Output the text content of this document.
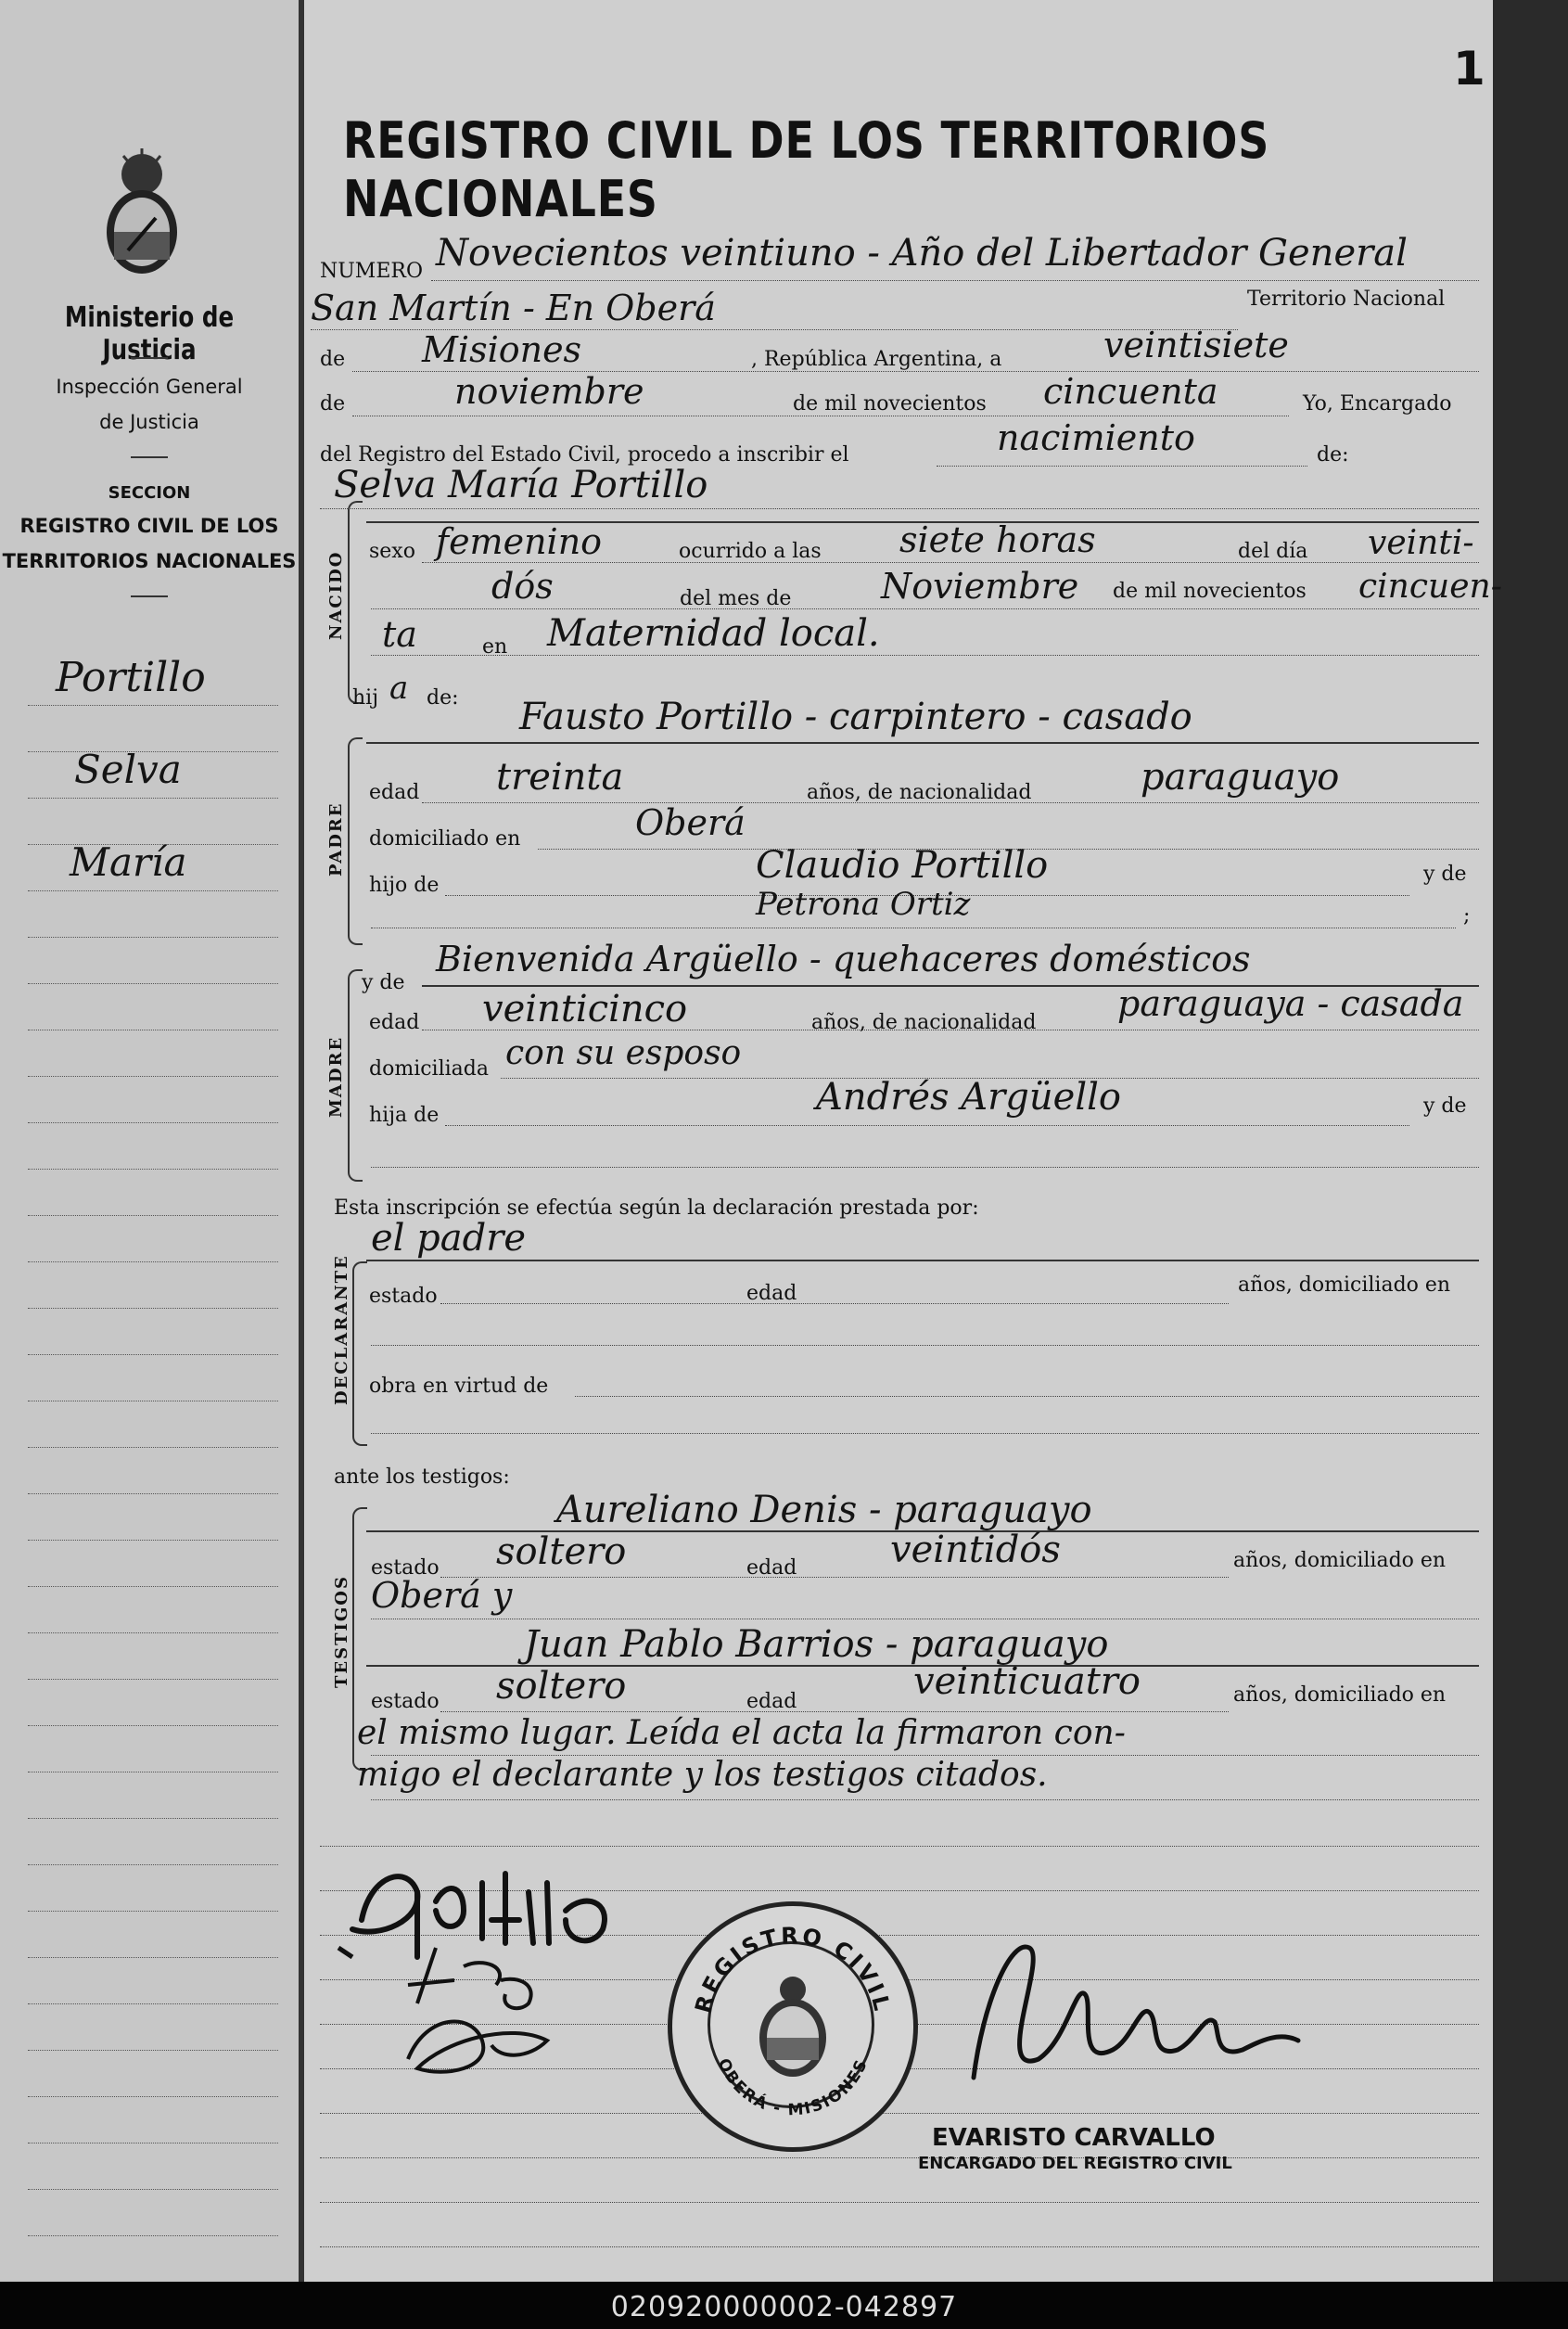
020920000002-042897
Ministerio de Justicia
Inspección General
de Justicia
SECCION
REGISTRO CIVIL DE LOS
TERRITORIOS NACIONALES
Portillo
Selva
María
1
REGISTRO CIVIL DE LOS TERRITORIOS NACIONALES
NUMERO Novecientos veintiuno - Año del Libertador General
San Martín - En Oberá	Territorio Nacional
de Misiones	, República Argentina, a	veintisiete
de	noviembre	de mil novecientos cincuenta	Yo, Encargado
del Registro del Estado Civil, procedo a inscribir el	nacimiento	de:
Selva María Portillo
NACIDO sexo femenino	ocurrido a las siete horas	del día veinti-
dós	del mes de	Noviembre de mil novecientos cincuen-
ta	en Maternidad local.
hij a de: Fausto Portillo - carpintero - casado
PADRE
edad treinta	años, de nacionalidad	paraguayo
domiciliado en	Oberá
hijo de	Claudio Portillo	y de
Petrona Ortiz	;
y de
Bienvenida Argüello - quehaceres domésticos
MADRE
edad veinticinco	años, de nacionalidad paraguaya - casada
domiciliada con su esposo
hija de	Andrés Argüello	y de
Esta inscripción se efectúa según la declaración prestada por:
el padre
DECLARANTE estado	edad	años, domiciliado en
obra en virtud de
ante los testigos:
Aureliano Denis - paraguayo
TESTIGOS
estado soltero	edad	veintidós	años, domiciliado en
Oberá y
Juan Pablo Barrios - paraguayo
estado soltero	edad	veinticuatro	años, domiciliado en
el mismo lugar. Leída el acta la firmaron con-
migo el declarante y los testigos citados.
REGISTRO CIVIL
OBERÁ - MISIONES
EVARISTO CARVALLO
ENCARGADO DEL REGISTRO CIVIL
